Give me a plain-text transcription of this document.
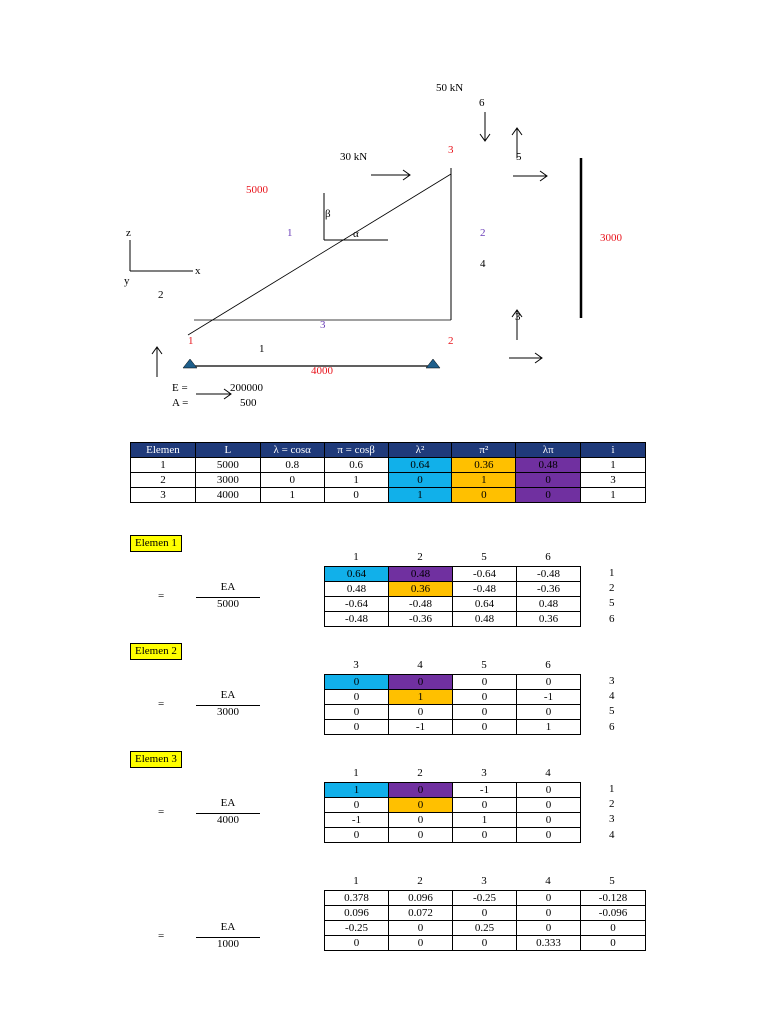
50 kN
6
30 kN
3
5
5000
β
α
1	2
4
3000
z
y
x
2
3
3
1	2
1
4000
E =	200000
A =	500
Elemen	L	λ = cosα	π = cosβ	λ²	π²	λπ	i
1	5000	0.8	0.6	0.64	0.36	0.48	1
2	3000	0	1	0	1	0	3
3	4000	1	0	1	0	0	1
Elemen 1
1	2	5	6
=
EA
5000
0.64	0.48	-0.64	-0.48
0.48	0.36	-0.48	-0.36
-0.64	-0.48	0.64	0.48
-0.48	-0.36	0.48	0.36
1
2
5
6
Elemen 2
3	4	5	6
=
EA
3000
0	0	0	0
0	1	0	-1
0	0	0	0
0	-1	0	1
3
4
5
6
Elemen 3
1	2	3	4
=
EA
4000
1	0	-1	0
0	0	0	0
-1	0	1	0
0	0	0	0
1
2
3
4
1	2	3	4	5
=
EA
1000
0.378	0.096	-0.25	0	-0.128
0.096	0.072	0	0	-0.096
-0.25	0	0.25	0	0
0	0	0	0.333	0
